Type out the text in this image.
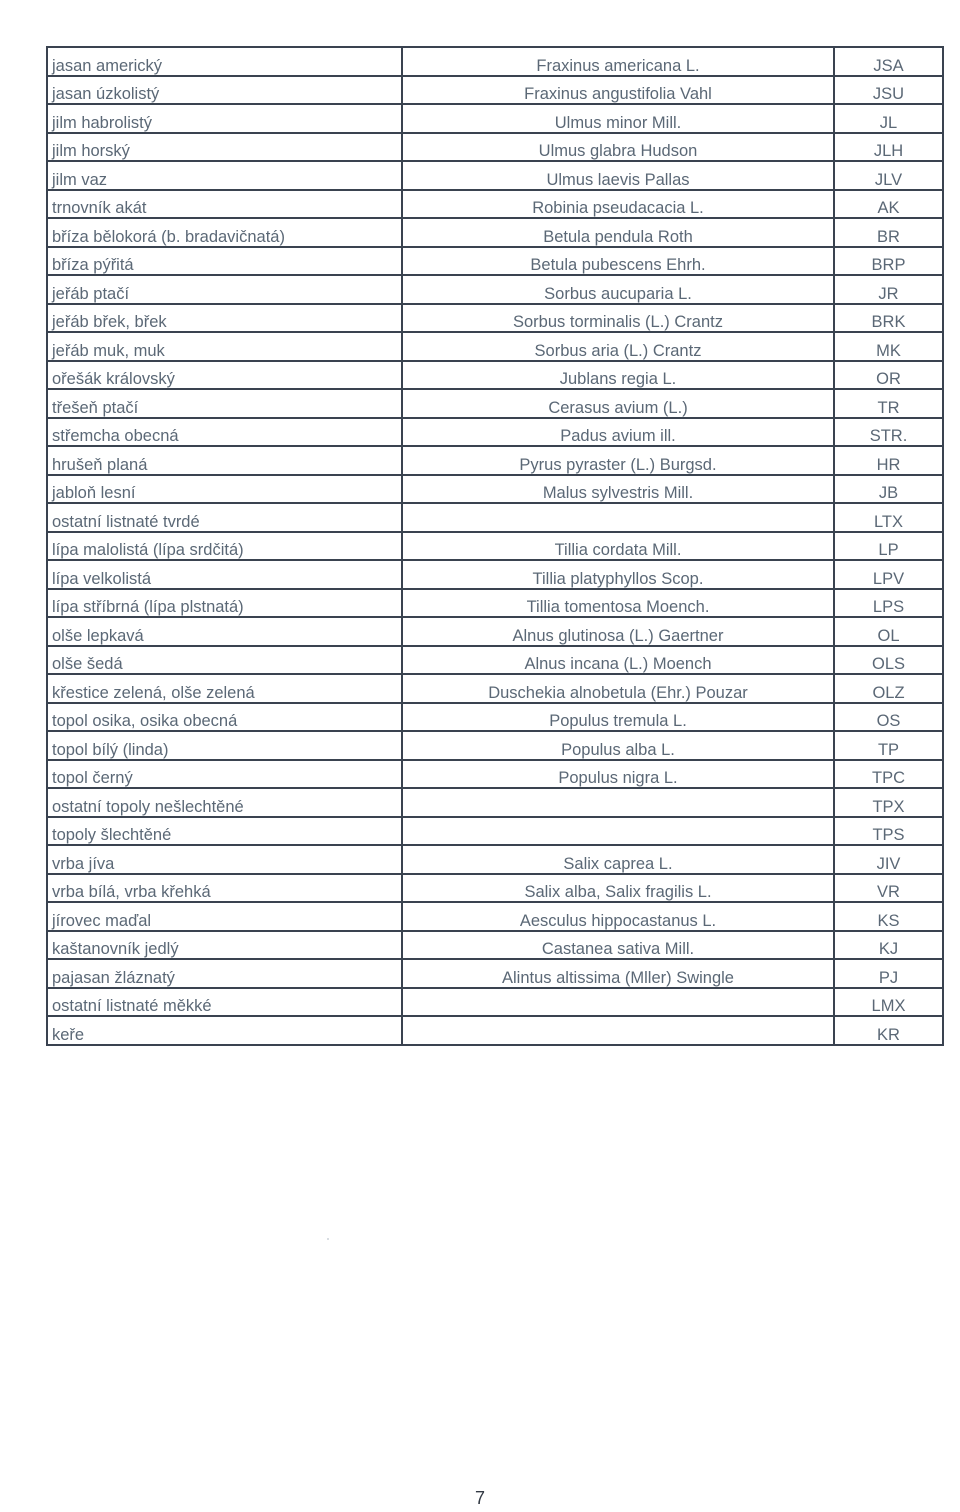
jasan americký	Fraxinus americana L.	JSA
jasan úzkolistý	Fraxinus angustifolia Vahl	JSU
jilm habrolistý	Ulmus minor Mill.	JL
jilm horský	Ulmus glabra Hudson	JLH
jilm vaz	Ulmus laevis Pallas	JLV
trnovník akát	Robinia pseudacacia L.	AK
bříza bělokorá (b. bradavičnatá)	Betula pendula Roth	BR
bříza pýřitá	Betula pubescens Ehrh.	BRP
jeřáb ptačí	Sorbus aucuparia L.	JR
jeřáb břek, břek	Sorbus torminalis (L.) Crantz	BRK
jeřáb muk, muk	Sorbus aria (L.) Crantz	MK
ořešák královský	Jublans regia L.	OR
třešeň ptačí	Cerasus avium (L.)	TR
střemcha obecná	Padus avium ill.	STR.
hrušeň planá	Pyrus pyraster (L.) Burgsd.	HR
jabloň lesní	Malus sylvestris Mill.	JB
ostatní listnaté tvrdé		LTX
lípa malolistá (lípa srdčitá)	Tillia cordata Mill.	LP
lípa velkolistá	Tillia platyphyllos Scop.	LPV
lípa stříbrná (lípa plstnatá)	Tillia tomentosa Moench.	LPS
olše lepkavá	Alnus glutinosa (L.) Gaertner	OL
olše šedá	Alnus incana (L.) Moench	OLS
křestice zelená, olše zelená	Duschekia alnobetula (Ehr.) Pouzar	OLZ
topol osika, osika obecná	Populus tremula L.	OS
topol bílý (linda)	Populus alba L.	TP
topol černý	Populus nigra L.	TPC
ostatní topoly nešlechtěné		TPX
topoly šlechtěné		TPS
vrba jíva	Salix caprea L.	JIV
vrba bílá, vrba křehká	Salix alba, Salix fragilis L.	VR
jírovec maďal	Aesculus hippocastanus L.	KS
kaštanovník jedlý	Castanea sativa Mill.	KJ
pajasan žláznatý	Alintus altissima (Mller) Swingle	PJ
ostatní listnaté měkké		LMX
keře		KR
7
